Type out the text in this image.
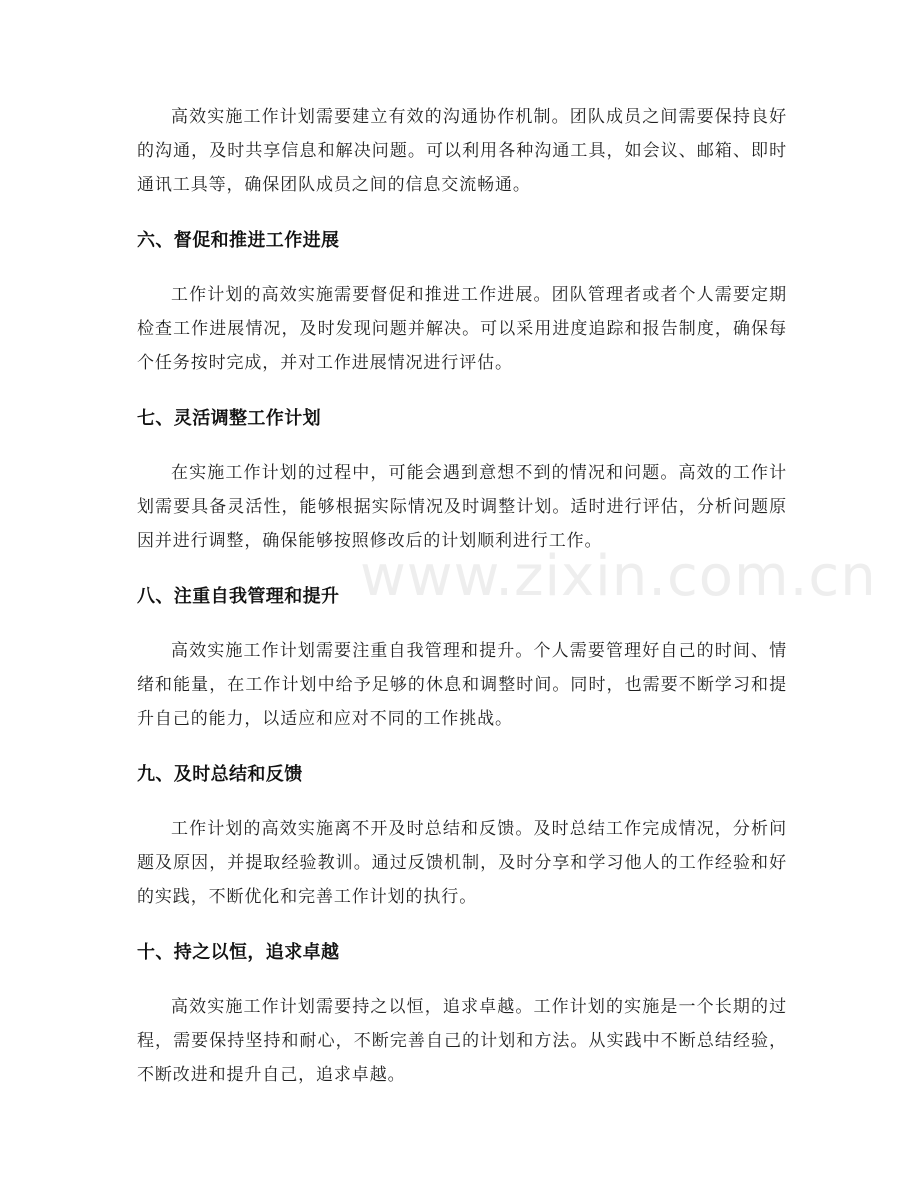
www.zixin.com.cn

高效实施工作计划需要建立有效的沟通协作机制。团队成员之间需要保持良好的沟通，及时共享信息和解决问题。可以利用各种沟通工具，如会议、邮箱、即时通讯工具等，确保团队成员之间的信息交流畅通。

六、督促和推进工作进展

工作计划的高效实施需要督促和推进工作进展。团队管理者或者个人需要定期检查工作进展情况，及时发现问题并解决。可以采用进度追踪和报告制度，确保每个任务按时完成，并对工作进展情况进行评估。

七、灵活调整工作计划

在实施工作计划的过程中，可能会遇到意想不到的情况和问题。高效的工作计划需要具备灵活性，能够根据实际情况及时调整计划。适时进行评估，分析问题原因并进行调整，确保能够按照修改后的计划顺利进行工作。

八、注重自我管理和提升

高效实施工作计划需要注重自我管理和提升。个人需要管理好自己的时间、情绪和能量，在工作计划中给予足够的休息和调整时间。同时，也需要不断学习和提升自己的能力，以适应和应对不同的工作挑战。

九、及时总结和反馈

工作计划的高效实施离不开及时总结和反馈。及时总结工作完成情况，分析问题及原因，并提取经验教训。通过反馈机制，及时分享和学习他人的工作经验和好的实践，不断优化和完善工作计划的执行。

十、持之以恒，追求卓越

高效实施工作计划需要持之以恒，追求卓越。工作计划的实施是一个长期的过程，需要保持坚持和耐心，不断完善自己的计划和方法。从实践中不断总结经验，不断改进和提升自己，追求卓越。
